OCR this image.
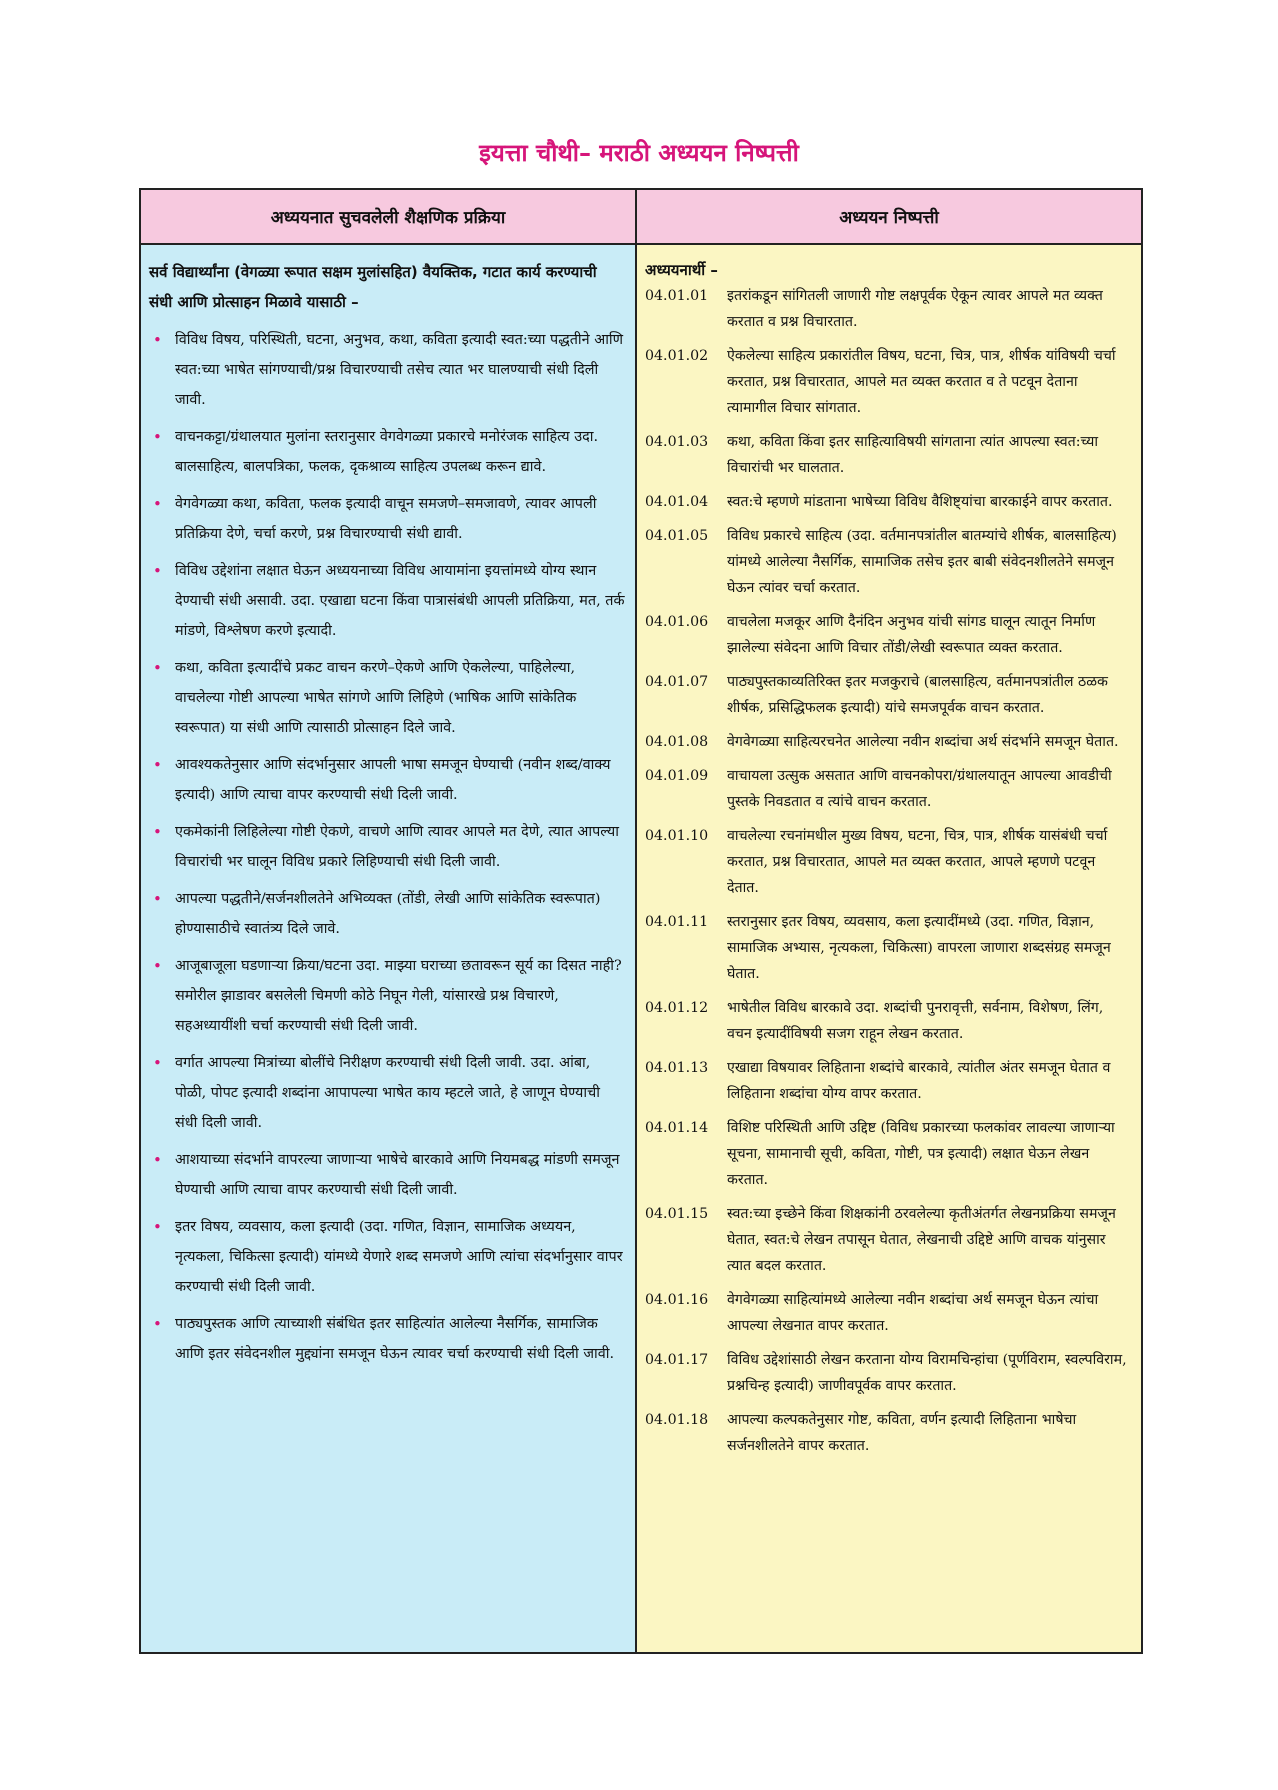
इयत्ता चौथी– मराठी अध्ययन निष्पत्ती
अध्ययनात सुचवलेली शैक्षणिक प्रक्रिया	अध्ययन निष्पत्ती
सर्व विद्यार्थ्यांना (वेगळ्या रूपात सक्षम मुलांसहित) वैयक्तिक, गटात कार्य करण्याची संधी आणि प्रोत्साहन मिळावे यासाठी –
• विविध विषय, परिस्थिती, घटना, अनुभव, कथा, कविता इत्यादी स्वत:च्या पद्धतीने आणि स्वत:च्या भाषेत सांगण्याची/प्रश्न विचारण्याची तसेच त्यात भर घालण्याची संधी दिली जावी.
• वाचनकट्टा/ग्रंथालयात मुलांना स्तरानुसार वेगवेगळ्या प्रकारचे मनोरंजक साहित्य उदा. बालसाहित्य, बालपत्रिका, फलक, दृकश्राव्य साहित्य उपलब्ध करून द्यावे.
• वेगवेगळ्या कथा, कविता, फलक इत्यादी वाचून समजणे–समजावणे, त्यावर आपली प्रतिक्रिया देणे, चर्चा करणे, प्रश्न विचारण्याची संधी द्यावी.
• विविध उद्देशांना लक्षात घेऊन अध्ययनाच्या विविध आयामांना इयत्तांमध्ये योग्य स्थान देण्याची संधी असावी. उदा. एखाद्या घटना किंवा पात्रासंबंधी आपली प्रतिक्रिया, मत, तर्क मांडणे, विश्लेषण करणे इत्यादी.
• कथा, कविता इत्यादींचे प्रकट वाचन करणे–ऐकणे आणि ऐकलेल्या, पाहिलेल्या, वाचलेल्या गोष्टी आपल्या भाषेत सांगणे आणि लिहिणे (भाषिक आणि सांकेतिक स्वरूपात) या संधी आणि त्यासाठी प्रोत्साहन दिले जावे.
• आवश्यकतेनुसार आणि संदर्भानुसार आपली भाषा समजून घेण्याची (नवीन शब्द/वाक्य इत्यादी) आणि त्याचा वापर करण्याची संधी दिली जावी.
• एकमेकांनी लिहिलेल्या गोष्टी ऐकणे, वाचणे आणि त्यावर आपले मत देणे, त्यात आपल्या विचारांची भर घालून विविध प्रकारे लिहिण्याची संधी दिली जावी.
• आपल्या पद्धतीने/सर्जनशीलतेने अभिव्यक्त (तोंडी, लेखी आणि सांकेतिक स्वरूपात) होण्यासाठीचे स्वातंत्र्य दिले जावे.
• आजूबाजूला घडणाऱ्या क्रिया/घटना उदा. माझ्या घराच्या छतावरून सूर्य का दिसत नाही? समोरील झाडावर बसलेली चिमणी कोठे निघून गेली, यांसारखे प्रश्न विचारणे, सहअध्यायींशी चर्चा करण्याची संधी दिली जावी.
• वर्गात आपल्या मित्रांच्या बोलींचे निरीक्षण करण्याची संधी दिली जावी. उदा. आंबा, पोळी, पोपट इत्यादी शब्दांना आपापल्या भाषेत काय म्हटले जाते, हे जाणून घेण्याची संधी दिली जावी.
• आशयाच्या संदर्भाने वापरल्या जाणाऱ्या भाषेचे बारकावे आणि नियमबद्ध मांडणी समजून घेण्याची आणि त्याचा वापर करण्याची संधी दिली जावी.
• इतर विषय, व्यवसाय, कला इत्यादी (उदा. गणित, विज्ञान, सामाजिक अध्ययन, नृत्यकला, चिकित्सा इत्यादी) यांमध्ये येणारे शब्द समजणे आणि त्यांचा संदर्भानुसार वापर करण्याची संधी दिली जावी.
• पाठ्यपुस्तक आणि त्याच्याशी संबंधित इतर साहित्यांत आलेल्या नैसर्गिक, सामाजिक आणि इतर संवेदनशील मुद्द्यांना समजून घेऊन त्यावर चर्चा करण्याची संधी दिली जावी.
अध्ययनार्थी –
04.01.01	इतरांकडून सांगितली जाणारी गोष्ट लक्षपूर्वक ऐकून त्यावर आपले मत व्यक्त करतात व प्रश्न विचारतात.
04.01.02	ऐकलेल्या साहित्य प्रकारांतील विषय, घटना, चित्र, पात्र, शीर्षक यांविषयी चर्चा करतात, प्रश्न विचारतात, आपले मत व्यक्त करतात व ते पटवून देताना त्यामागील विचार सांगतात.
04.01.03	कथा, कविता किंवा इतर साहित्याविषयी सांगताना त्यांत आपल्या स्वत:च्या विचारांची भर घालतात.
04.01.04	स्वत:चे म्हणणे मांडताना भाषेच्या विविध वैशिष्ट्यांचा बारकाईने वापर करतात.
04.01.05	विविध प्रकारचे साहित्य (उदा. वर्तमानपत्रांतील बातम्यांचे शीर्षक, बालसाहित्य) यांमध्ये आलेल्या नैसर्गिक, सामाजिक तसेच इतर बाबी संवेदनशीलतेने समजून घेऊन त्यांवर चर्चा करतात.
04.01.06	वाचलेला मजकूर आणि दैनंदिन अनुभव यांची सांगड घालून त्यातून निर्माण झालेल्या संवेदना आणि विचार तोंडी/लेखी स्वरूपात व्यक्त करतात.
04.01.07	पाठ्यपुस्तकाव्यतिरिक्त इतर मजकुराचे (बालसाहित्य, वर्तमानपत्रांतील ठळक शीर्षक, प्रसिद्धिफलक इत्यादी) यांचे समजपूर्वक वाचन करतात.
04.01.08	वेगवेगळ्या साहित्यरचनेत आलेल्या नवीन शब्दांचा अर्थ संदर्भाने समजून घेतात.
04.01.09	वाचायला उत्सुक असतात आणि वाचनकोपरा/ग्रंथालयातून आपल्या आवडीची पुस्तके निवडतात व त्यांचे वाचन करतात.
04.01.10	वाचलेल्या रचनांमधील मुख्य विषय, घटना, चित्र, पात्र, शीर्षक यासंबंधी चर्चा करतात, प्रश्न विचारतात, आपले मत व्यक्त करतात, आपले म्हणणे पटवून देतात.
04.01.11	स्तरानुसार इतर विषय, व्यवसाय, कला इत्यादींमध्ये (उदा. गणित, विज्ञान, सामाजिक अभ्यास, नृत्यकला, चिकित्सा) वापरला जाणारा शब्दसंग्रह समजून घेतात.
04.01.12	भाषेतील विविध बारकावे उदा. शब्दांची पुनरावृत्ती, सर्वनाम, विशेषण, लिंग, वचन इत्यादींविषयी सजग राहून लेखन करतात.
04.01.13	एखाद्या विषयावर लिहिताना शब्दांचे बारकावे, त्यांतील अंतर समजून घेतात व लिहिताना शब्दांचा योग्य वापर करतात.
04.01.14	विशिष्ट परिस्थिती आणि उद्दिष्ट (विविध प्रकारच्या फलकांवर लावल्या जाणाऱ्या सूचना, सामानाची सूची, कविता, गोष्टी, पत्र इत्यादी) लक्षात घेऊन लेखन करतात.
04.01.15	स्वत:च्या इच्छेने किंवा शिक्षकांनी ठरवलेल्या कृतीअंतर्गत लेखनप्रक्रिया समजून घेतात, स्वत:चे लेखन तपासून घेतात, लेखनाची उद्दिष्टे आणि वाचक यांनुसार त्यात बदल करतात.
04.01.16	वेगवेगळ्या साहित्यांमध्ये आलेल्या नवीन शब्दांचा अर्थ समजून घेऊन त्यांचा आपल्या लेखनात वापर करतात.
04.01.17	विविध उद्देशांसाठी लेखन करताना योग्य विरामचिन्हांचा (पूर्णविराम, स्वल्पविराम, प्रश्नचिन्ह इत्यादी) जाणीवपूर्वक वापर करतात.
04.01.18	आपल्या कल्पकतेनुसार गोष्ट, कविता, वर्णन इत्यादी लिहिताना भाषेचा सर्जनशीलतेने वापर करतात.
